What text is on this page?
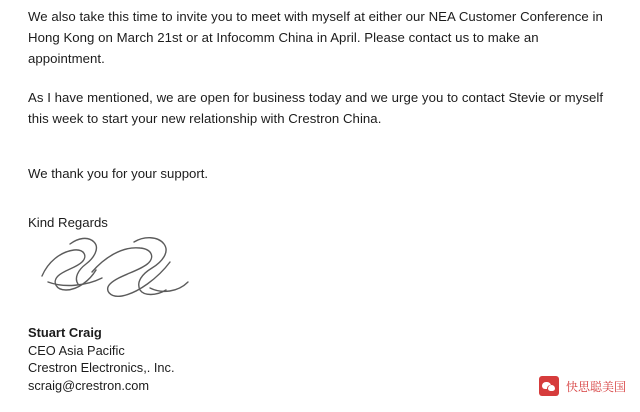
We also take this time to invite you to meet with myself at either our NEA Customer Conference in Hong Kong on March 21st or at Infocomm China in April. Please contact us to make an appointment.

As I have mentioned, we are open for business today and we urge you to contact Stevie or myself this week to start your new relationship with Crestron China.

We thank you for your support.
Kind Regards
Stuart Craig
CEO Asia Pacific
Crestron Electronics,. Inc.
scraig@crestron.com	快思聪美国
